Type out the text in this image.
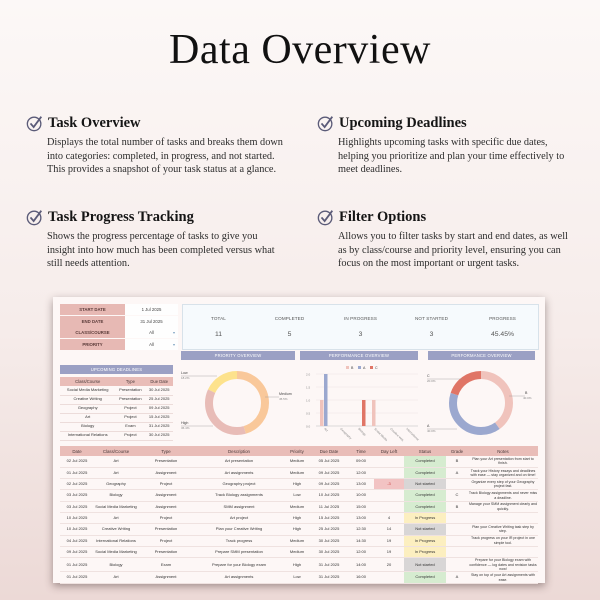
Data Overview
Task Overview

Displays the total number of tasks and breaks them down into categories: completed, in progress, and not started. This provides a snapshot of your task status at a glance.

Upcoming Deadlines

Highlights upcoming tasks with specific due dates, helping you prioritize and plan your time effectively to meet deadlines.

Task Progress Tracking

Shows the progress percentage of tasks to give you insight into how much has been completed versus what still needs attention.

Filter Options

Allows you to filter tasks by start and end dates, as well as by class/course and priority level, ensuring you can focus on the most important or urgent tasks.

START DATE	1 Jul 2025
END DATE	31 Jul 2025
CLASS/COURSE	All	▾
PRIORITY	All	▾
TOTAL
11
COMPLETED
5
IN PROGRESS
3
NOT STARTED
3
PROGRESS
45.45%
UPCOMING DEADLINES
Class/Course	Type	Due Date
Social Media Marketing	Presentation	30 Jul 2025
Creative Writing	Presentation	25 Jul 2025
Geography	Project	09 Jul 2025
Art	Project	15 Jul 2025
Biology	Exam	31 Jul 2025
International Relations	Project	30 Jul 2025
PRIORITY OVERVIEW
Low
18.2%
Medium
45.5%
High
36.4%
PERFORMANCE OVERVIEW
B	A	C
2.0
1.5
1.0
0.5
0.0
Art	Geography Biology Social Media Creative Writ. International
PERFORMANCE OVERVIEW
C
20.0%
B
40.0%
A
40.0%
Date	Class/Course	Type	Description	Priority	Due Date	Time	Day Left	Status	Grade	Notes
02 Jul 2025	Art	Presentation	Art presentation	Medium	05 Jul 2025	09:00		Completed	B	Plan your Art presentation from start to finish.
01 Jul 2025	Art	Assignment	Art assignments	Medium	09 Jul 2025	12:00		Completed	A	Track your History essays and deadlines with ease — stay organized and on time!
02 Jul 2025	Geography	Project	Geography project	High	09 Jul 2025	13:00	-3	Not started		Organize every step of your Geography project fast.
03 Jul 2025	Biology	Assignment	Track Biology assignments	Low	10 Jul 2025	10:00		Completed	C	Track Biology assignments and never miss a deadline.
03 Jul 2025	Social Media Marketing	Assignment	SMM assignment	Medium	11 Jul 2025	15:00		Completed	B	Manage your SMM assignment clearly and quickly.
10 Jul 2025	Art	Project	Art project	High	15 Jul 2025	13:00	4	In Progress		
10 Jul 2025	Creative Writing	Presentation	Plan your Creative Writing	High	25 Jul 2025	12:30	14	Not started		Plan your Creative Writing task step by step.
04 Jul 2025	International Relations	Project	Track progress	Medium	30 Jul 2025	14:30	19	In Progress		Track progress on your IR project in one simple tool.
09 Jul 2025	Social Media Marketing	Presentation	Prepare SMM presentation	Medium	30 Jul 2025	12:00	19	In Progress		
01 Jul 2025	Biology	Exam	Prepare for your Biology exam	High	31 Jul 2025	14:00	20	Not started		Prepare for your Biology exam with confidence — log dates and revision tasks now!
01 Jul 2025	Art	Assignment	Art assignments	Low	31 Jul 2025	16:00		Completed	A	Stay on top of your Art assignments with ease.
